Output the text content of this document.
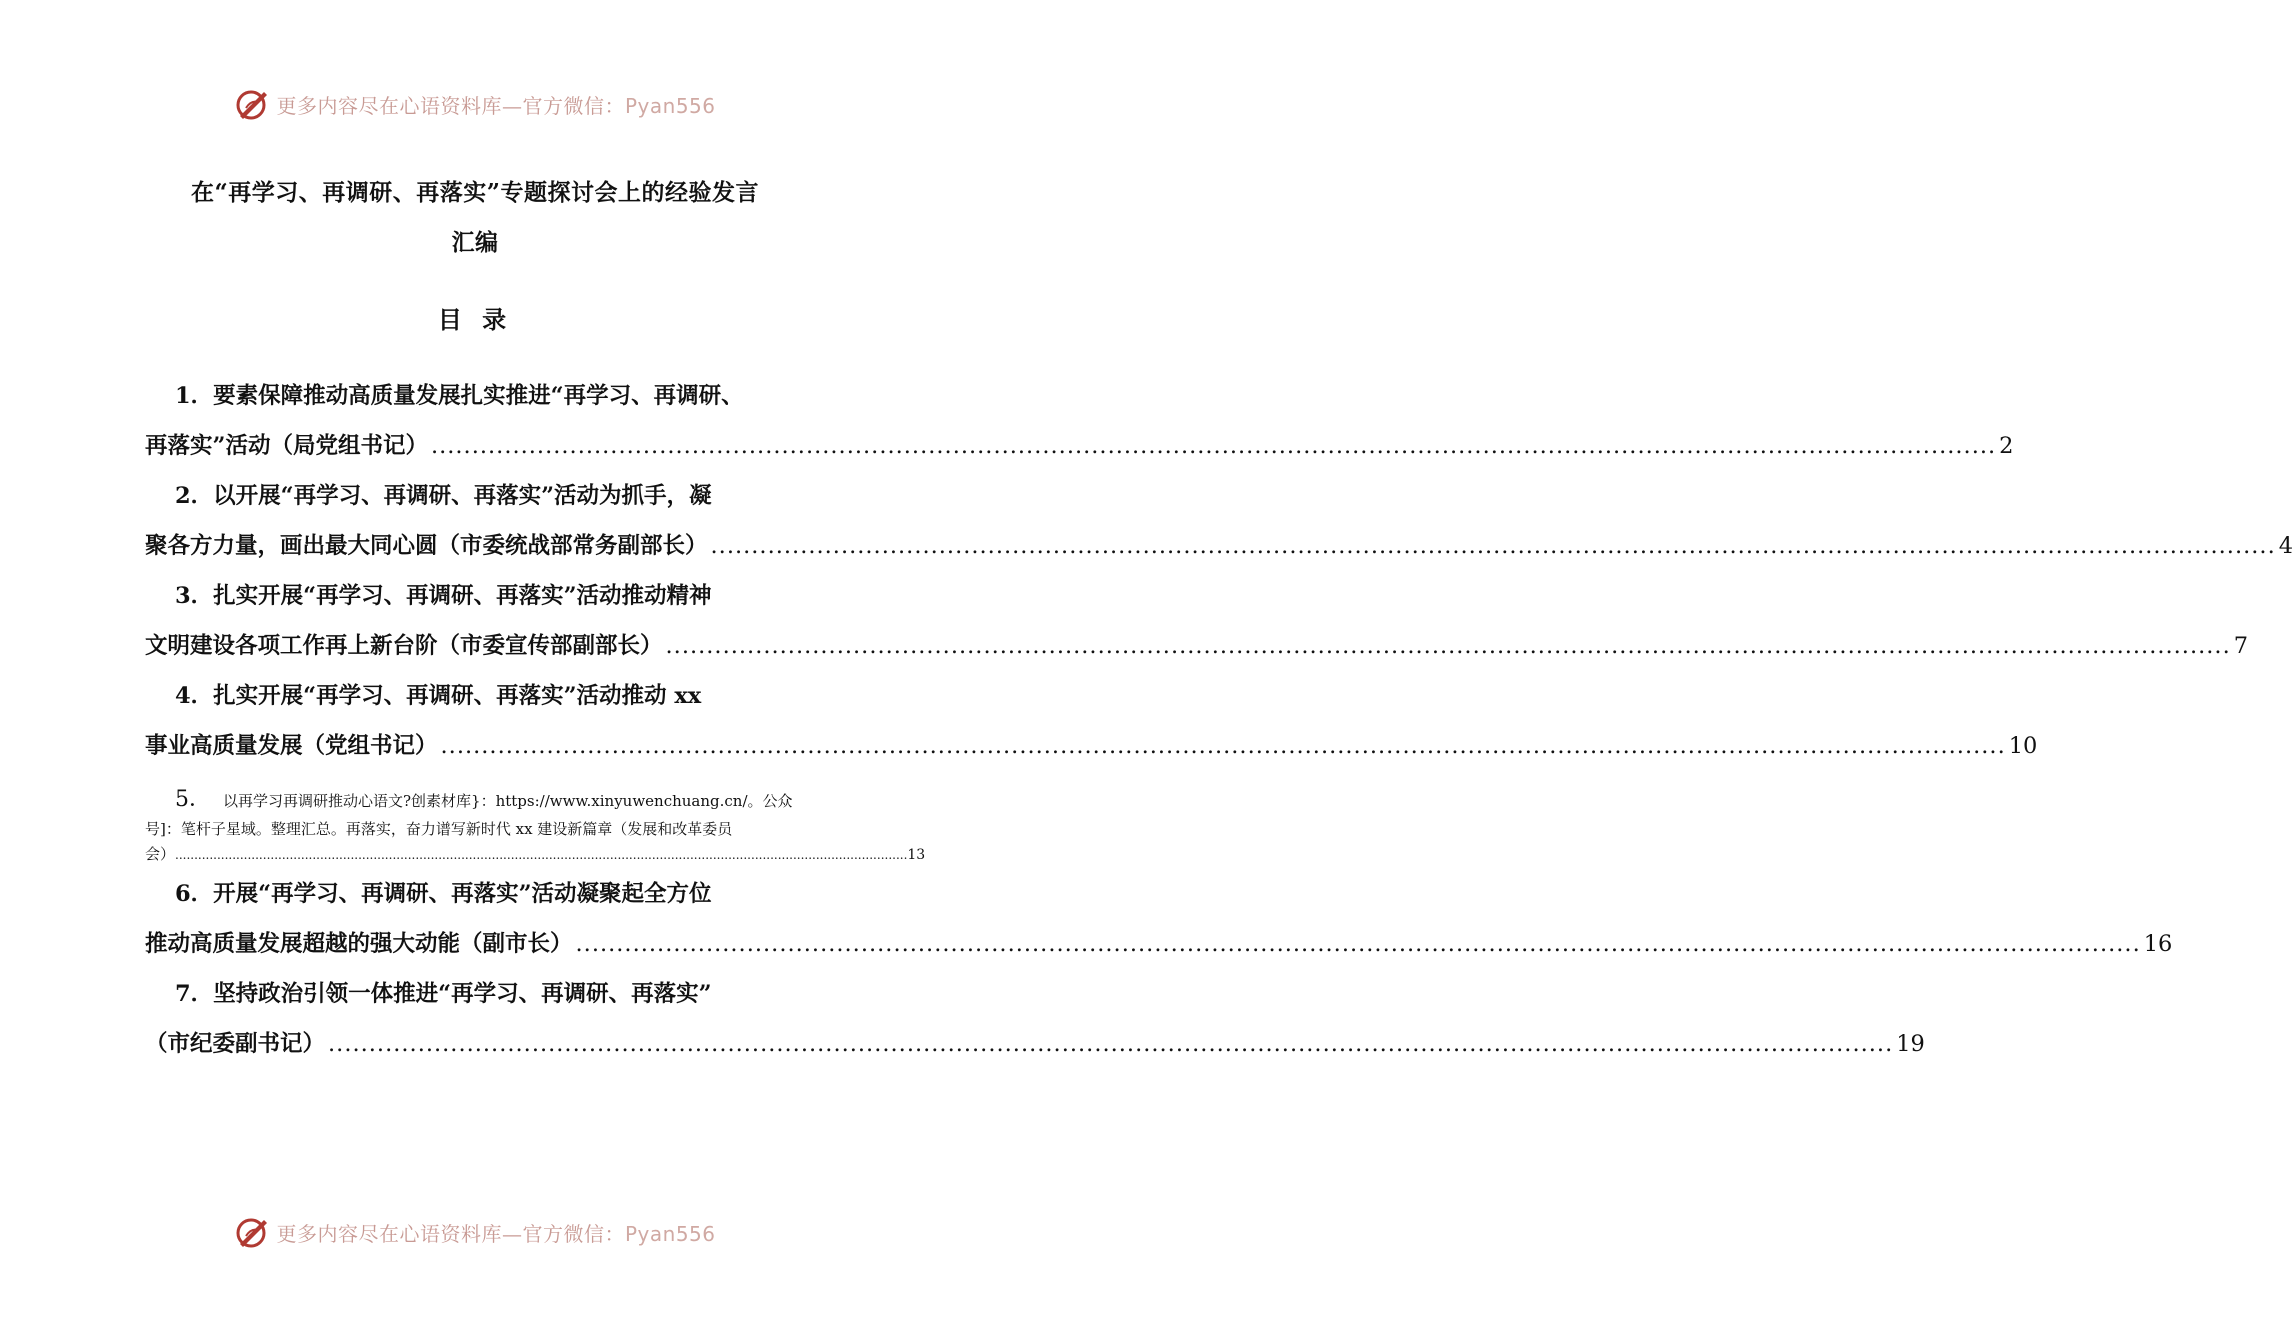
更多内容尽在心语资料库—官方微信：Pyan556
在“再学习、再调研、再落实”专题探讨会上的经验发言
汇编
目 录
1．要素保障推动高质量发展扎实推进“再学习、再调研、
再落实”活动（局党组书记） ................................................................................................................................................................................................ 2
2．以开展“再学习、再调研、再落实”活动为抓手，凝
聚各方力量，画出最大同心圆（市委统战部常务副部长） ................................................................................................................................................................................................ 4
3．扎实开展“再学习、再调研、再落实”活动推动精神
文明建设各项工作再上新台阶（市委宣传部副部长） ................................................................................................................................................................................................ 7
4．扎实开展“再学习、再调研、再落实”活动推动 xx
事业高质量发展（党组书记） ................................................................................................................................................................................................ 10
5． 以再学习再调研推动心语文?创素材库}：https://www.xinyuwenchuang.cn/。公众
号]：笔杆子星域。整理汇总。再落实，奋力谱写新时代 xx 建设新篇章（发展和改革委员
会） ................................................................................................................................................................................................ 13
6．开展“再学习、再调研、再落实”活动凝聚起全方位
推动高质量发展超越的强大动能（副市长） ................................................................................................................................................................................................ 16
7．坚持政治引领一体推进“再学习、再调研、再落实”
（市纪委副书记） ................................................................................................................................................................................................ 19
更多内容尽在心语资料库—官方微信：Pyan556
